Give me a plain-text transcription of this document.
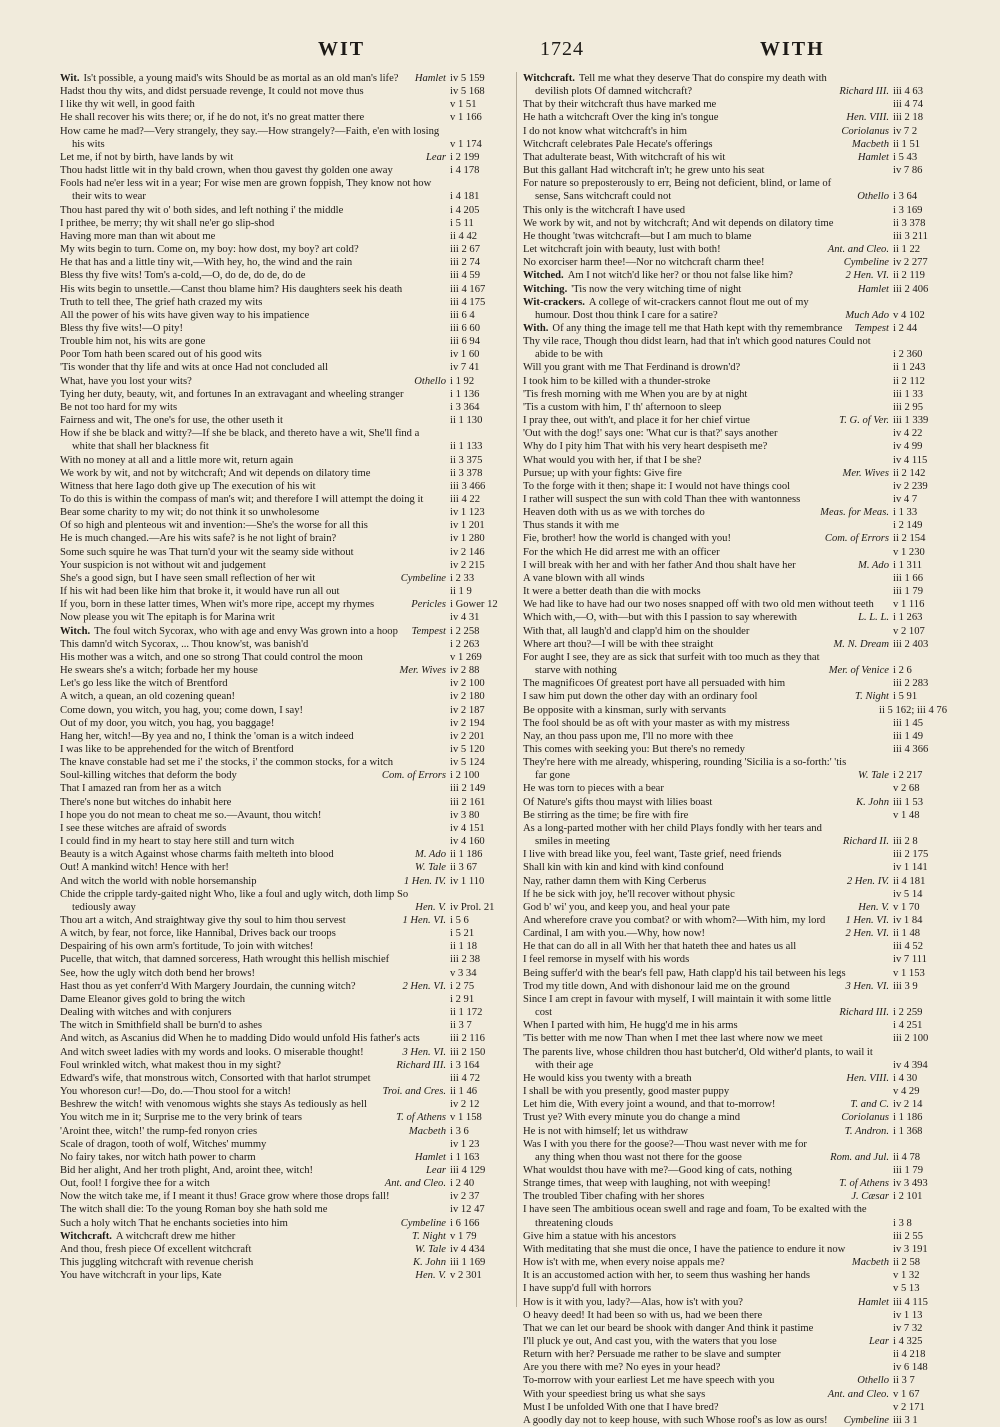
WIT	1724	WITH
Wit. Is't possible, a young maid's wits Should be as mortal as an old man's life?	Hamlet iv 5 159
Hadst thou thy wits, and didst persuade revenge, It could not move thus	iv 5 168
I like thy wit well, in good faith	v 1 51
He shall recover his wits there; or, if he do not, it's no great matter there	v 1 166
How came he mad?—Very strangely, they say.—How strangely?—Faith, e'en with losing his wits	v 1 174
Let me, if not by birth, have lands by wit	Lear i 2 199
Thou hadst little wit in thy bald crown, when thou gavest thy golden one away	i 4 178
Fools had ne'er less wit in a year; For wise men are grown foppish, They know not how their wits to wear	i 4 181
Thou hast pared thy wit o' both sides, and left nothing i' the middle	i 4 205
I prithee, be merry; thy wit shall ne'er go slip-shod	i 5 11
Having more man than wit about me	ii 4 42
My wits begin to turn. Come on, my boy: how dost, my boy? art cold?	iii 2 67
He that has and a little tiny wit,—With hey, ho, the wind and the rain	iii 2 74
Bless thy five wits! Tom's a-cold,—O, do de, do de, do de	iii 4 59
His wits begin to unsettle.—Canst thou blame him? His daughters seek his death	iii 4 167
Truth to tell thee, The grief hath crazed my wits	iii 4 175
All the power of his wits have given way to his impatience	iii 6 4
Bless thy five wits!—O pity!	iii 6 60
Trouble him not, his wits are gone	iii 6 94
Poor Tom hath been scared out of his good wits	iv 1 60
'Tis wonder that thy life and wits at once Had not concluded all	iv 7 41
What, have you lost your wits?	Othello i 1 92
Tying her duty, beauty, wit, and fortunes In an extravagant and wheeling stranger	i 1 136
Be not too hard for my wits	i 3 364
Fairness and wit, The one's for use, the other useth it	ii 1 130
How if she be black and witty?—If she be black, and thereto have a wit, She'll find a white that shall her blackness fit	ii 1 133
With no money at all and a little more wit, return again	ii 3 375
We work by wit, and not by witchcraft; And wit depends on dilatory time	ii 3 378
Witness that here Iago doth give up The execution of his wit	iii 3 466
To do this is within the compass of man's wit; and therefore I will attempt the doing it	iii 4 22
Bear some charity to my wit; do not think it so unwholesome	iv 1 123
Of so high and plenteous wit and invention:—She's the worse for all this	iv 1 201
He is much changed.—Are his wits safe? is he not light of brain?	iv 1 280
Some such squire he was That turn'd your wit the seamy side without	iv 2 146
Your suspicion is not without wit and judgement	iv 2 215
She's a good sign, but I have seen small reflection of her wit	Cymbeline i 2 33
If his wit had been like him that broke it, it would have run all out	ii 1 9
If you, born in these latter times, When wit's more ripe, accept my rhymes	Pericles i Gower 12
Now please you wit The epitaph is for Marina writ	iv 4 31
Witch. The foul witch Sycorax, who with age and envy Was grown into a hoop	Tempest i 2 258
This damn'd witch Sycorax, ... Thou know'st, was banish'd	i 2 263
His mother was a witch, and one so strong That could control the moon	v 1 269
He swears she's a witch; forbade her my house	Mer. Wives iv 2 88
Let's go less like the witch of Brentford	iv 2 100
A witch, a quean, an old cozening quean!	iv 2 180
Come down, you witch, you hag, you; come down, I say!	iv 2 187
Out of my door, you witch, you hag, you baggage!	iv 2 194
Hang her, witch!—By yea and no, I think the 'oman is a witch indeed	iv 2 201
I was like to be apprehended for the witch of Brentford	iv 5 120
The knave constable had set me i' the stocks, i' the common stocks, for a witch	iv 5 124
Soul-killing witches that deform the body	Com. of Errors i 2 100
That I amazed ran from her as a witch	iii 2 149
There's none but witches do inhabit here	iii 2 161
I hope you do not mean to cheat me so.—Avaunt, thou witch!	iv 3 80
I see these witches are afraid of swords	iv 4 151
I could find in my heart to stay here still and turn witch	iv 4 160
Beauty is a witch Against whose charms faith melteth into blood	M. Ado ii 1 186
Out! A mankind witch! Hence with her!	W. Tale ii 3 67
And witch the world with noble horsemanship	1 Hen. IV. iv 1 110
Chide the cripple tardy-gaited night Who, like a foul and ugly witch, doth limp So tediously away	Hen. V. iv Prol. 21
Thou art a witch, And straightway give thy soul to him thou servest	1 Hen. VI. i 5 6
A witch, by fear, not force, like Hannibal, Drives back our troops	i 5 21
Despairing of his own arm's fortitude, To join with witches!	ii 1 18
Pucelle, that witch, that damned sorceress, Hath wrought this hellish mischief	iii 2 38
See, how the ugly witch doth bend her brows!	v 3 34
Hast thou as yet conferr'd With Margery Jourdain, the cunning witch?	2 Hen. VI. i 2 75
Dame Eleanor gives gold to bring the witch	i 2 91
Dealing with witches and with conjurers	ii 1 172
The witch in Smithfield shall be burn'd to ashes	ii 3 7
And witch, as Ascanius did When he to madding Dido would unfold His father's acts	iii 2 116
And witch sweet ladies with my words and looks. O miserable thought!	3 Hen. VI. iii 2 150
Foul wrinkled witch, what makest thou in my sight?	Richard III. i 3 164
Edward's wife, that monstrous witch, Consorted with that harlot strumpet	iii 4 72
You whoreson cur!—Do, do.—Thou stool for a witch!	Troi. and Cres. ii 1 46
Beshrew the witch! with venomous wights she stays As tediously as hell	iv 2 12
You witch me in it; Surprise me to the very brink of tears	T. of Athens v 1 158
'Aroint thee, witch!' the rump-fed ronyon cries	Macbeth i 3 6
Scale of dragon, tooth of wolf, Witches' mummy	iv 1 23
No fairy takes, nor witch hath power to charm	Hamlet i 1 163
Bid her alight, And her troth plight, And, aroint thee, witch!	Lear iii 4 129
Out, fool! I forgive thee for a witch	Ant. and Cleo. i 2 40
Now the witch take me, if I meant it thus! Grace grow where those drops fall!	iv 2 37
The witch shall die: To the young Roman boy she hath sold me	iv 12 47
Such a holy witch That he enchants societies into him	Cymbeline i 6 166
Witchcraft. A witchcraft drew me hither	T. Night v 1 79
And thou, fresh piece Of excellent witchcraft	W. Tale iv 4 434
This juggling witchcraft with revenue cherish	K. John iii 1 169
You have witchcraft in your lips, Kate	Hen. V. v 2 301
Witchcraft. Tell me what they deserve That do conspire my death with devilish plots Of damned witchcraft?	Richard III. iii 4 63
That by their witchcraft thus have marked me	iii 4 74
He hath a witchcraft Over the king in's tongue	Hen. VIII. iii 2 18
I do not know what witchcraft's in him	Coriolanus iv 7 2
Witchcraft celebrates Pale Hecate's offerings	Macbeth ii 1 51
That adulterate beast, With witchcraft of his wit	Hamlet i 5 43
But this gallant Had witchcraft in't; he grew unto his seat	iv 7 86
For nature so preposterously to err, Being not deficient, blind, or lame of sense, Sans witchcraft could not	Othello i 3 64
This only is the witchcraft I have used	i 3 169
We work by wit, and not by witchcraft; And wit depends on dilatory time	ii 3 378
He thought 'twas witchcraft—but I am much to blame	iii 3 211
Let witchcraft join with beauty, lust with both!	Ant. and Cleo. ii 1 22
No exorciser harm thee!—Nor no witchcraft charm thee!	Cymbeline iv 2 277
Witched. Am I not witch'd like her? or thou not false like him?	2 Hen. VI. ii 2 119
Witching. 'Tis now the very witching time of night	Hamlet iii 2 406
Wit-crackers. A college of wit-crackers cannot flout me out of my humour. Dost thou think I care for a satire?	Much Ado v 4 102
With. Of any thing the image tell me that Hath kept with thy remembrance	Tempest i 2 44
Thy vile race, Though thou didst learn, had that in't which good natures Could not abide to be with	i 2 360
Will you grant with me That Ferdinand is drown'd?	ii 1 243
I took him to be killed with a thunder-stroke	ii 2 112
'Tis fresh morning with me When you are by at night	iii 1 33
'Tis a custom with him, I' th' afternoon to sleep	iii 2 95
I pray thee, out with't, and place it for her chief virtue	T. G. of Ver. iii 1 339
'Out with the dog!' says one: 'What cur is that?' says another	iv 4 22
Why do I pity him That with his very heart despiseth me?	iv 4 99
What would you with her, if that I be she?	iv 4 115
Pursue; up with your fights: Give fire	Mer. Wives ii 2 142
To the forge with it then; shape it: I would not have things cool	iv 2 239
I rather will suspect the sun with cold Than thee with wantonness	iv 4 7
Heaven doth with us as we with torches do	Meas. for Meas. i 1 33
Thus stands it with me	i 2 149
Fie, brother! how the world is changed with you!	Com. of Errors ii 2 154
For the which He did arrest me with an officer	v 1 230
I will break with her and with her father And thou shalt have her	M. Ado i 1 311
A vane blown with all winds	iii 1 66
It were a better death than die with mocks	iii 1 79
We had like to have had our two noses snapped off with two old men without teeth	v 1 116
Which with,—O, with—but with this I passion to say wherewith	L. L. L. i 1 263
With that, all laugh'd and clapp'd him on the shoulder	v 2 107
Where art thou?—I will be with thee straight	M. N. Dream iii 2 403
For aught I see, they are as sick that surfeit with too much as they that starve with nothing	Mer. of Venice i 2 6
The magnificoes Of greatest port have all persuaded with him	iii 2 283
I saw him put down the other day with an ordinary fool	T. Night i 5 91
Be opposite with a kinsman, surly with servants	ii 5 162; iii 4 76
The fool should be as oft with your master as with my mistress	iii 1 45
Nay, an thou pass upon me, I'll no more with thee	iii 1 49
This comes with seeking you: But there's no remedy	iii 4 366
They're here with me already, whispering, rounding 'Sicilia is a so-forth:' 'tis far gone	W. Tale i 2 217
He was torn to pieces with a bear	v 2 68
Of Nature's gifts thou mayst with lilies boast	K. John iii 1 53
Be stirring as the time; be fire with fire	v 1 48
As a long-parted mother with her child Plays fondly with her tears and smiles in meeting	Richard II. iii 2 8
I live with bread like you, feel want, Taste grief, need friends	iii 2 175
Shall kin with kin and kind with kind confound	iv 1 141
Nay, rather damn them with King Cerberus	2 Hen. IV. ii 4 181
If he be sick with joy, he'll recover without physic	iv 5 14
God b' wi' you, and keep you, and heal your pate	Hen. V. v 1 70
And wherefore crave you combat? or with whom?—With him, my lord	1 Hen. VI. iv 1 84
Cardinal, I am with you.—Why, how now!	2 Hen. VI. ii 1 48
He that can do all in all With her that hateth thee and hates us all	iii 4 52
I feel remorse in myself with his words	iv 7 111
Being suffer'd with the bear's fell paw, Hath clapp'd his tail between his legs	v 1 153
Trod my title down, And with dishonour laid me on the ground	3 Hen. VI. iii 3 9
Since I am crept in favour with myself, I will maintain it with some little cost	Richard III. i 2 259
When I parted with him, He hugg'd me in his arms	i 4 251
'Tis better with me now Than when I met thee last where now we meet	iii 2 100
The parents live, whose children thou hast butcher'd, Old wither'd plants, to wail it with their age	iv 4 394
He would kiss you twenty with a breath	Hen. VIII. i 4 30
I shall be with you presently, good master puppy	v 4 29
Let him die, With every joint a wound, and that to-morrow!	T. and C. iv 2 14
Trust ye? With every minute you do change a mind	Coriolanus i 1 186
He is not with himself; let us withdraw	T. Andron. i 1 368
Was I with you there for the goose?—Thou wast never with me for any thing when thou wast not there for the goose	Rom. and Jul. ii 4 78
What wouldst thou have with me?—Good king of cats, nothing	iii 1 79
Strange times, that weep with laughing, not with weeping!	T. of Athens iv 3 493
The troubled Tiber chafing with her shores	J. Cæsar i 2 101
I have seen The ambitious ocean swell and rage and foam, To be exalted with the threatening clouds	i 3 8
Give him a statue with his ancestors	iii 2 55
With meditating that she must die once, I have the patience to endure it now	iv 3 191
How is't with me, when every noise appals me?	Macbeth ii 2 58
It is an accustomed action with her, to seem thus washing her hands	v 1 32
I have supp'd full with horrors	v 5 13
How is it with you, lady?—Alas, how is't with you?	Hamlet iii 4 115
O heavy deed! It had been so with us, had we been there	iv 1 13
That we can let our beard be shook with danger And think it pastime	iv 7 32
I'll pluck ye out, And cast you, with the waters that you lose	Lear i 4 325
Return with her? Persuade me rather to be slave and sumpter	ii 4 218
Are you there with me? No eyes in your head?	iv 6 148
To-morrow with your earliest Let me have speech with you	Othello ii 3 7
With your speediest bring us what she says	Ant. and Cleo. v 1 67
Must I be unfolded With one that I have bred?	v 2 171
A goodly day not to keep house, with such Whose roof's as low as ours!	Cymbeline iii 3 1
